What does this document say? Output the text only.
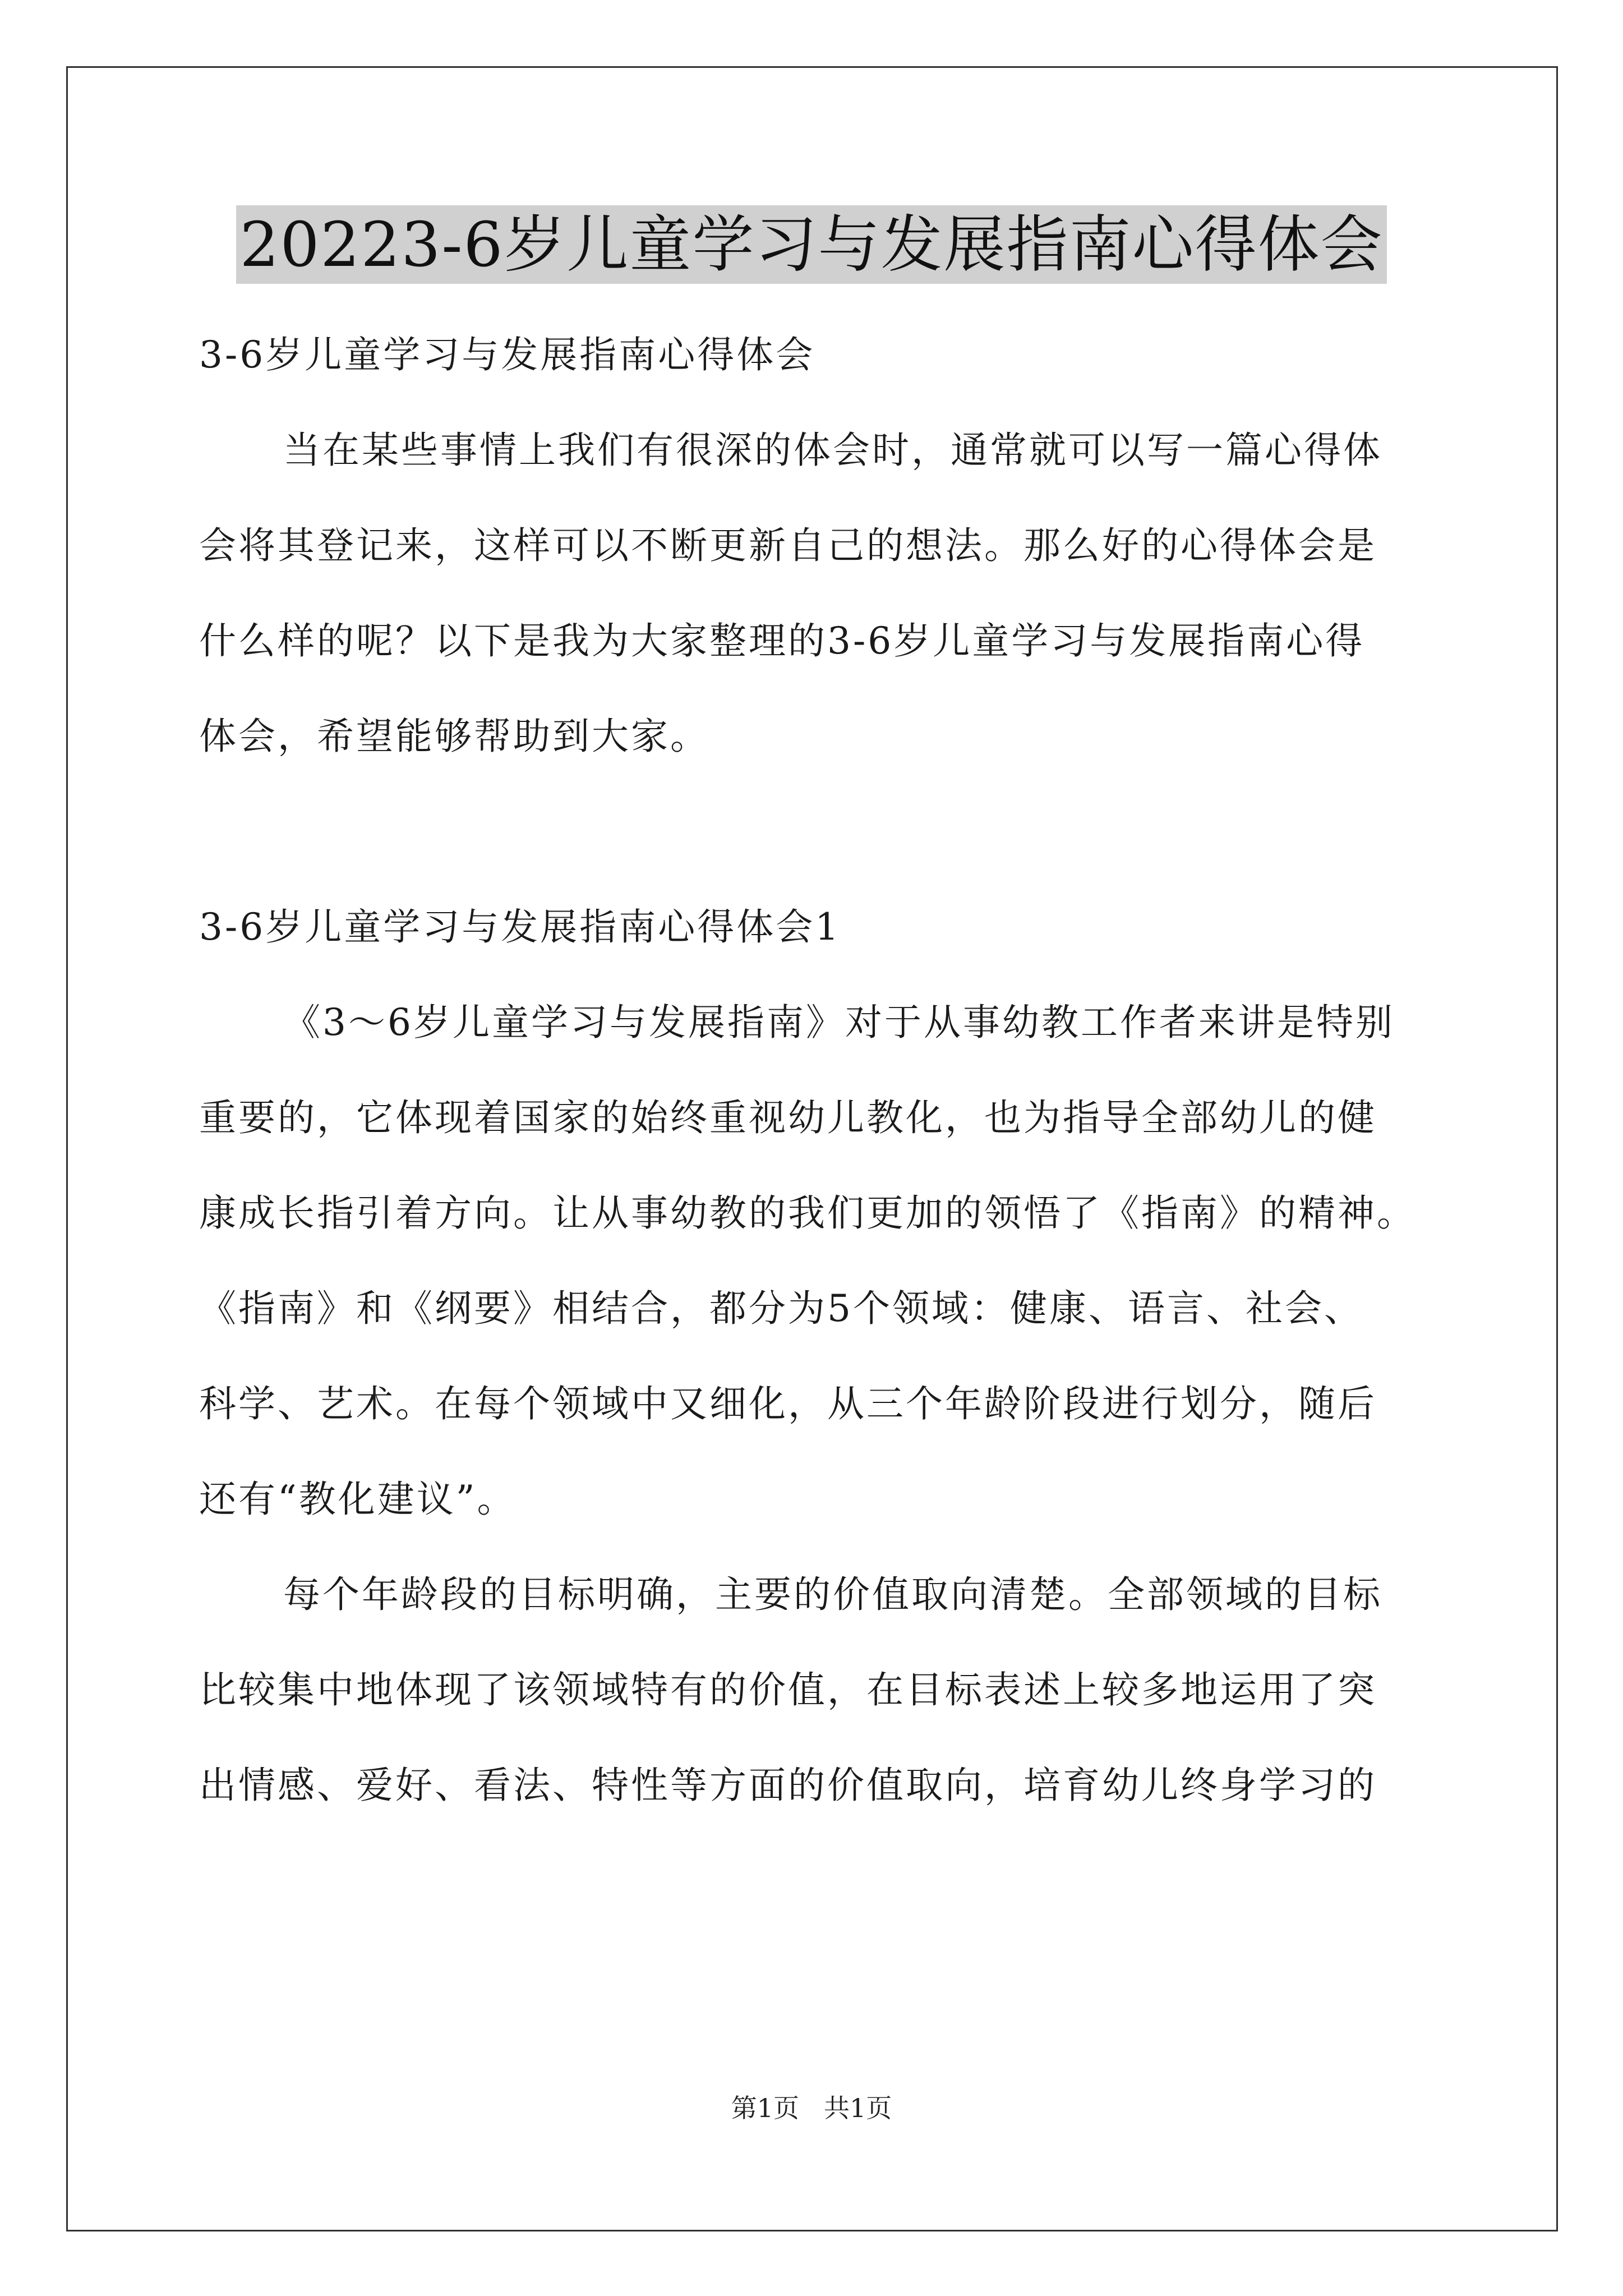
20223-6岁儿童学习与发展指南心得体会
3-6岁儿童学习与发展指南心得体会
当在某些事情上我们有很深的体会时，通常就可以写一篇心得体
会将其登记来，这样可以不断更新自己的想法。那么好的心得体会是
什么样的呢？以下是我为大家整理的3-6岁儿童学习与发展指南心得
体会，希望能够帮助到大家。
3-6岁儿童学习与发展指南心得体会1
《3～6岁儿童学习与发展指南》对于从事幼教工作者来讲是特别
重要的，它体现着国家的始终重视幼儿教化，也为指导全部幼儿的健
康成长指引着方向。让从事幼教的我们更加的领悟了《指南》的精神。
《指南》和《纲要》相结合，都分为5个领域：健康、语言、社会、
科学、艺术。在每个领域中又细化，从三个年龄阶段进行划分，随后
还有“教化建议”。
每个年龄段的目标明确，主要的价值取向清楚。全部领域的目标
比较集中地体现了该领域特有的价值，在目标表述上较多地运用了突
出情感、爱好、看法、特性等方面的价值取向，培育幼儿终身学习的
第1页 共1页
